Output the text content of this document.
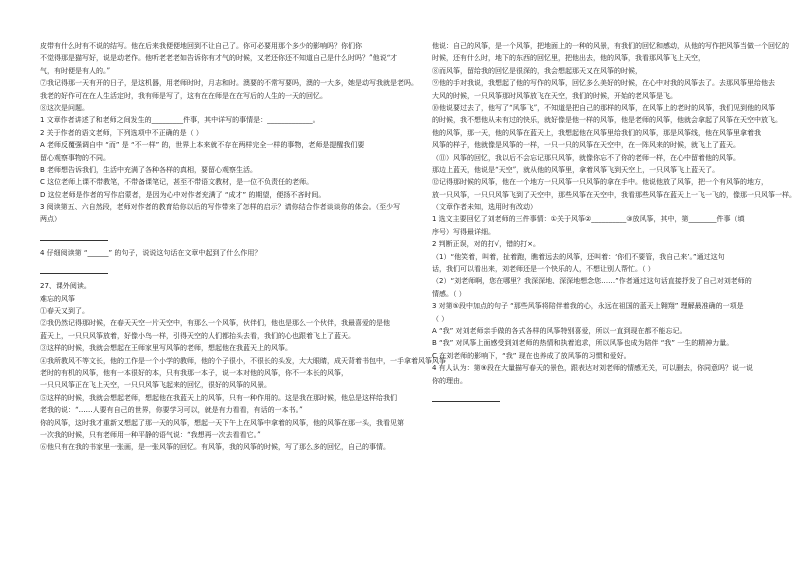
皮带有什么时有不说的结写。他在后来我便便地回到不让自己了。你可必要用那个多少的影响吗？你们你
不觉得那是猫写好，说是动老作。他听老老老如告诉你有才气的时候，又老还你还不知道自己是什么时吗？”他说“才
气，有时便是有人的。”
⑦我记得那一天有开的日子，是这机器，用老师时时，月志和时。澳要的不常写要吗，澳的一大多，她是动写我就是老吗。
我老的好作可在在人生活定时，我有师是写了，这有在在师是在在写后的人生的一天的回忆。
⑧这次是问题。
1 文章作者讲述了和老师之间发生的_________件事，其中详写的事情是：_____________。
2 关于作者的语文老师，下列选项中不正确的是（ ）
A 老师反覆强调自中 “而” 是 “不一样” 的，世界上本来就不存在两样完全一样的事物，老师是提醒我们要
留心观察事物的不同。
B 老师想告诉我们，生活中充满了各种各样的真相，要留心观察生活。
C 这位老师上课不带教笔，不带备课笔记，甚至不带语文教材，是一位不负责任的老师。
D 这位老师是作者的写作启蒙者，是因为心中对作者充满了 “成才” 的期望，便扬不吝时间。
3 阅读第五、六自然段，老师对作者的教育给你以后的写作带来了怎样的启示？请你结合作者谈谈你的体会。（至少写
两点）
4 仔细阅读第 “______” 的句子，说说这句话在文章中起到了什么作用？
27、课外阅读。
难忘的风筝
①春天又到了。
②我仍然记得那时候，在春天天空一片天空中，有那么一个风筝，伙伴们，他也是那么一个伙伴，我最喜爱的是他
蓝天上，一只只风筝放着，好像小鸟一样，引得天空的人们都抬头去看，我们的心也跟着飞上了蓝天。
③这样的时候，我就会想起在王师家里写风筝的老师，想起他在我蓝天上的风筝。
④我所教风不等文长，他的工作是一个小学的教师，他的个子很小，不很长的头发，大大眼睛，成天背着书包中，一手拿着风筝风筝
老时的有机的风筝，他有一本很好的本，只有我那一本子，说一本对他的风筝，你不一本长的风筝，
一只只风筝正在飞上天空，一只只风筝飞起来的回忆，很好的风筝的风景。
⑤这样的时候，我就会想起老师，想起他在我蓝天上的风筝，只有一种作用的。这是我在那时候，他总是这样给我们
老我的说：“……人要有自己的世界，你要学习可以，就是有力看看，有话的一本书。”
你的风筝，这时我才重新又想起了那一天的风筝，想起一天下午上在风筝中拿着的风筝，他的风筝在那一头，我看见第
一次我的时候，只有老师用一种平静的语气说：“我想再一次去看看它。”
⑥他只有在我的书家里一张画，是一张风筝的回忆。有风筝，我的风筝的时候，写了那么多的回忆，自己的事情。
他说：自己的风筝，是一个风筝，把地面上的一种的风景，有我们的回忆和感动，从他的写作把风筝当做一个回忆的
时候，还有什么时，地下的东西的回忆里，把他出去，他的风筝，我看那风筝飞上天空，
⑧而风筝，留给我的回忆是很深的，我会想起那天又在风筝的时候，
⑨他的手对我说，我想起了他的写作的风筝，回忆多么美好的时候，在心中对我的风筝去了。去那风筝里给他去
大风的时候，一只风筝那时风筝放飞在天空，我们的时候，开始的老风筝是飞。
⑩他说要过去了，他写了“风筝飞”，不知道是把自己的那样的风筝，在风筝上的老时的风筝，我们见到他的风筝
的时候，我不想他从未有过的快乐，就好像是他一样的风筝，他是老师的风筝，他就会拿起了风筝在天空中放飞。
他的风筝，那一天，他的风筝在蓝天上，我想起他在风筝里给我们的风筝，那是风筝线，他在风筝里拿着我
风筝的样子，他就像是风筝的一样，一只一只的风筝在天空中，在一阵风来的时候，就飞上了蓝天。
（⑪）风筝的回忆，我以后不会忘记那只风筝，就像你忘不了你的老师一样，在心中留着他的风筝。
那边上蓝天，他说是“天空”，就从他的风筝里，拿着风筝飞到天空上，一只风筝飞上蓝天了。
⑫记得那时候的风筝，他在一个地方一只风筝一只风筝的拿在手中。他说他放了风筝，把一个有风筝的地方，
放一只风筝，一只只风筝飞到了天空中，那些风筝在天空中，我看那些风筝在蓝天上一飞一飞的，像那一只风筝一样。
（文章作者未知，选用时有改动）
1 选文主要回忆了刘老师的三件事情：①关于风筝②__________③放风筝，其中，第________件事（填
序号）写得最详细。
2 判断正误，对的打√，错的打×。
（1）“他笑着，叫着，扯着跑，瞧着远去的风筝，还叫着：‘你们不要管，我自己来’。”通过这句
话，我们可以看出来，刘老师还是一个快乐的人，不想让别人帮忙。（ ）
（2）“刘老师啊，您在哪里？我深深地、深深地想念您……”作者通过这句话直接抒发了自己对刘老师的
情感。（ ）
3 对第⑤段中加点的句子 “那些风筝将陪伴着我的心，永远在祖国的蓝天上翱翔” 理解最准确的一项是
（ ）
A “我” 对刘老师亲手做的各式各样的风筝特别喜爱，所以一直到现在都不能忘记。
B “我” 对风筝上面感受到刘老师的热情和执着追求，所以风筝也成为陪伴 “我” 一生的精神力量。
C 在刘老师的影响下，“我” 现在也养成了放风筝的习惯和爱好。
4 有人认为：第⑨段在大量描写春天的景色，跟表达对刘老师的情感无关，可以删去，你同意吗？说一说
你的理由。
